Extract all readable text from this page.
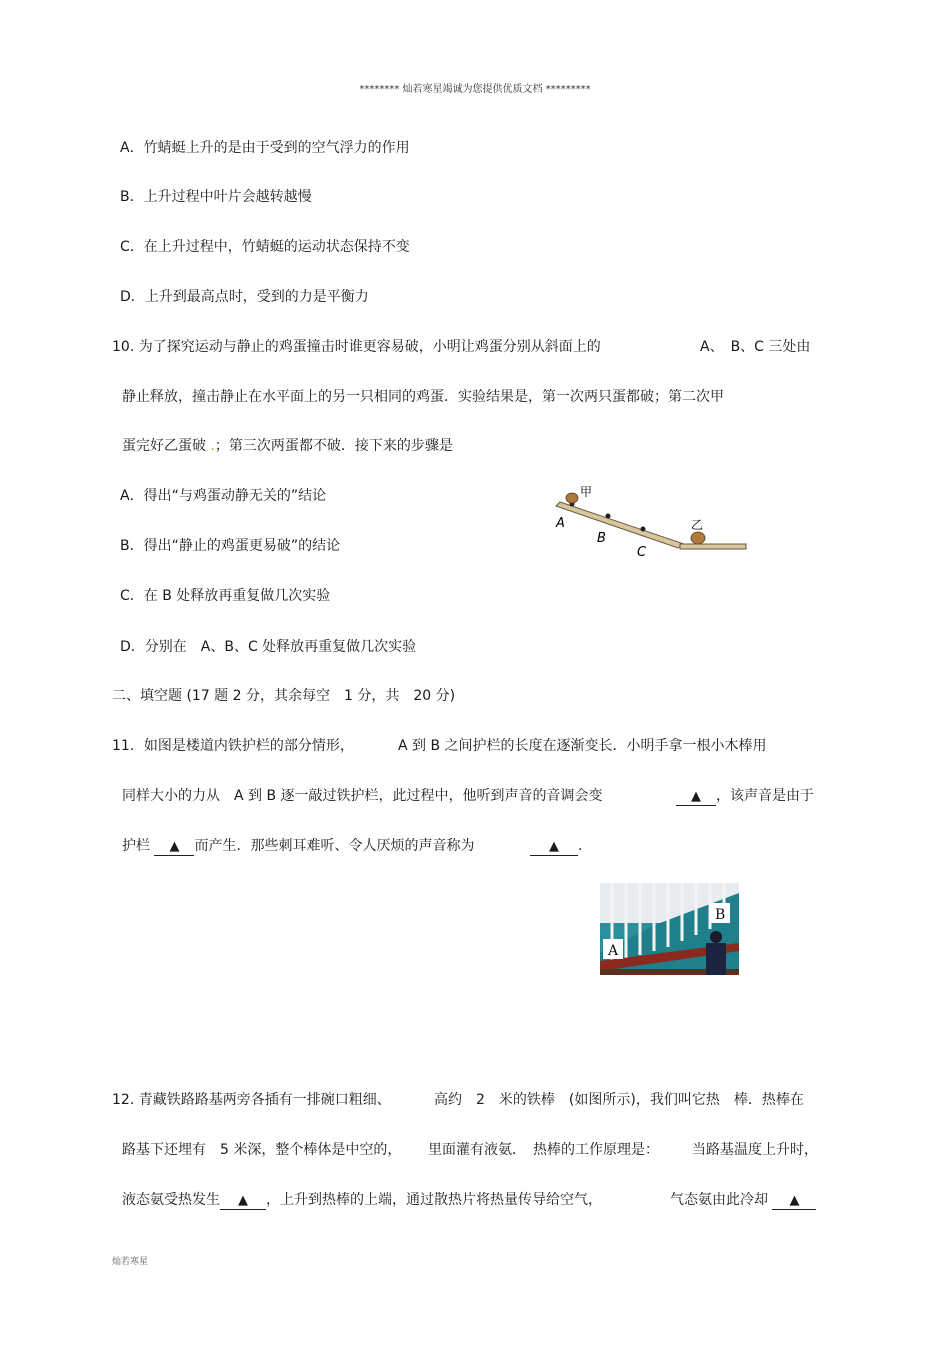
******** 灿若寒星竭诚为您提供优质文档 *********
A．竹蜻蜓上升的是由于受到的空气浮力的作用
B．上升过程中叶片会越转越慢
C．在上升过程中，竹蜻蜓的运动状态保持不变
D．上升到最高点时，受到的力是平衡力
10. 为了探究运动与静止的鸡蛋撞击时谁更容易破，小明让鸡蛋分别从斜面上的	A、　B、C 三处由
静止释放，撞击静止在水平面上的另一只相同的鸡蛋．实验结果是，第一次两只蛋都破；第二次甲
蛋完好乙蛋破 .；第三次两蛋都不破．接下来的步骤是
A．得出“与鸡蛋动静无关的”结论
B．得出“静止的鸡蛋更易破”的结论
C．在 B 处释放再重复做几次实验
D．分别在　A、B、C 处释放再重复做几次实验
甲
乙
A
B
C
二、填空题 (17 题 2 分，其余每空　1 分，共　20 分)
11．如图是楼道内铁护栏的部分情形，	A 到 B 之间护栏的长度在逐渐变长．小明手拿一根小木棒用
同样大小的力从　A 到 B 逐一敲过铁护栏，此过程中，他听到声音的音调会变	▲ ，该声音是由于
护栏 ▲ 而产生．那些刺耳难听、令人厌烦的声音称为	▲ .
A
B
12. 青藏铁路路基两旁各插有一排碗口粗细、	高约　2　米的铁棒　(如图所示)，我们叫它热　棒．热棒在
路基下还埋有　5 米深，整个棒体是中空的， 里面灌有液氨．　热棒的工作原理是： 当路基温度上升时，
液态氨受热发生 ▲ ，上升到热棒的上端，通过散热片将热量传导给空气，	气态氨由此冷却 ▲
灿若寒星
